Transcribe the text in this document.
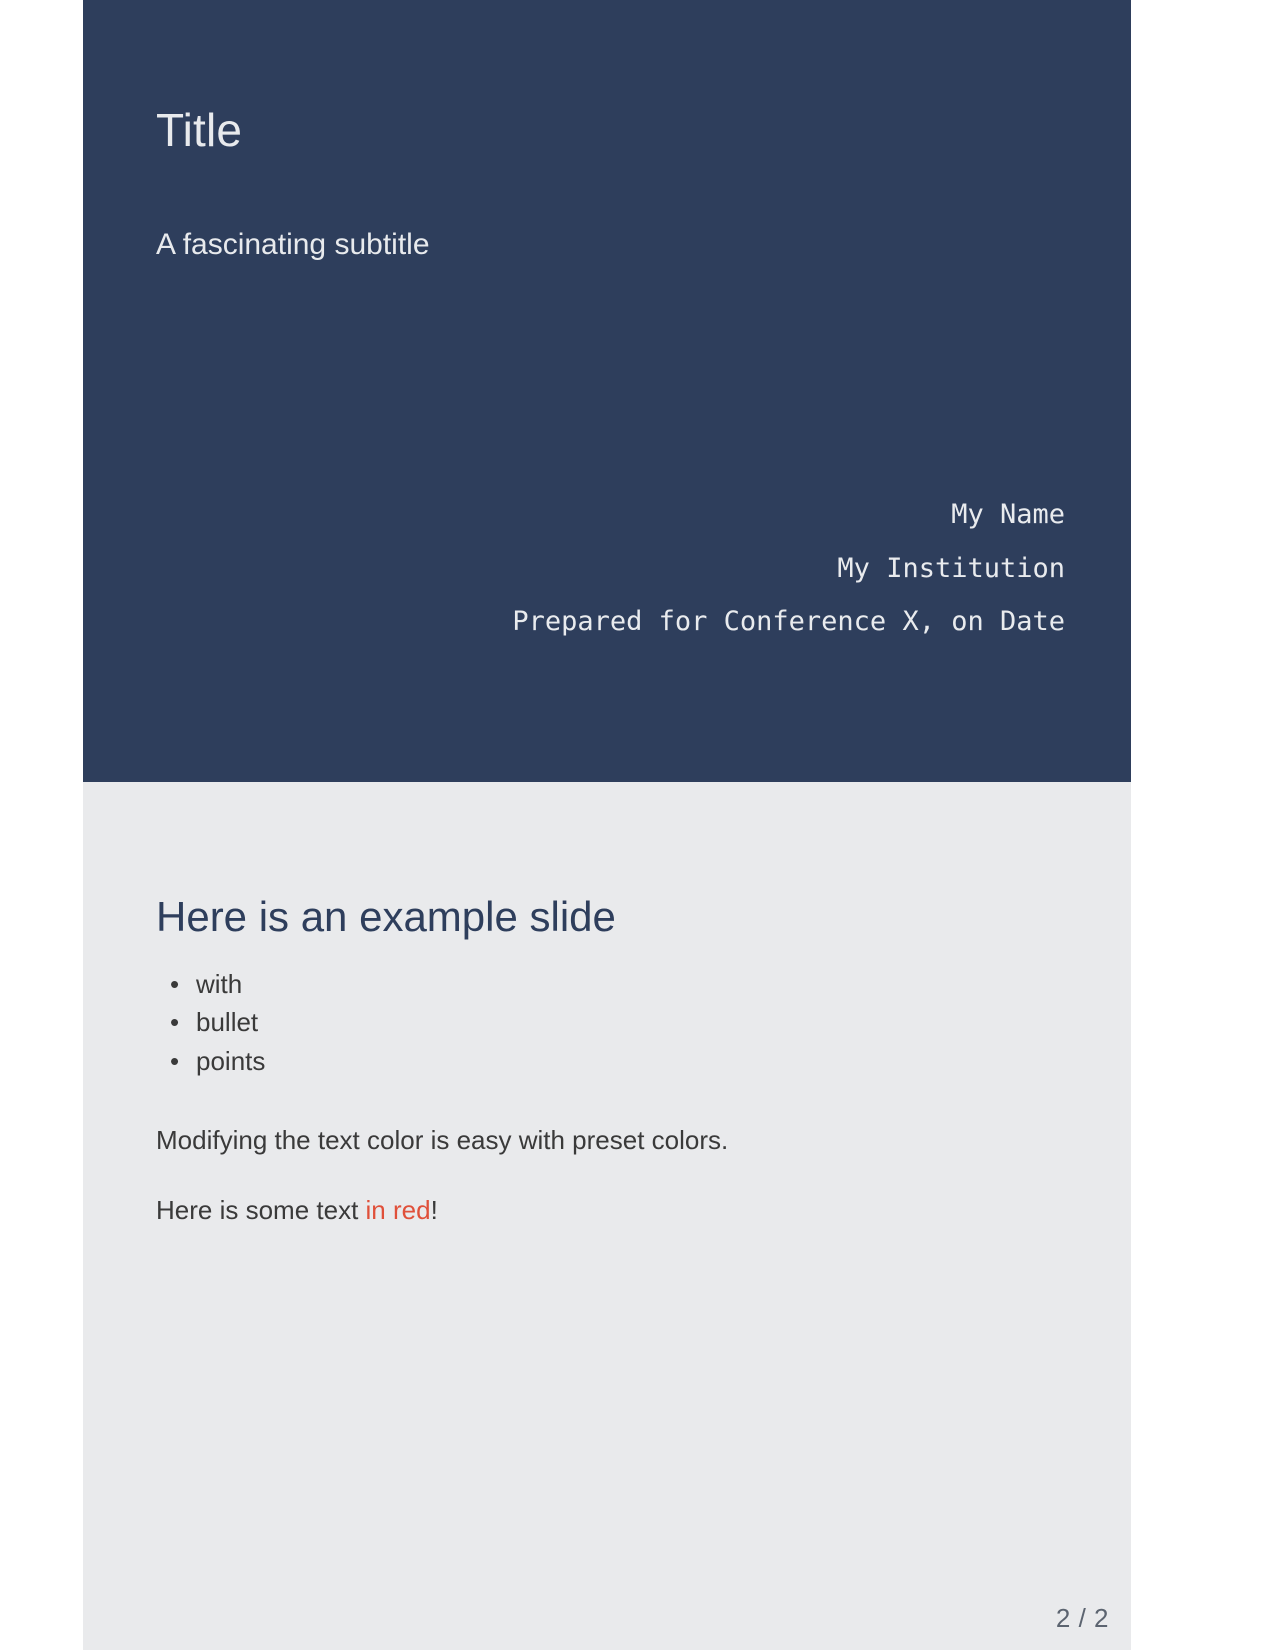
Title
A fascinating subtitle
My Name
My Institution
Prepared for Conference X, on Date
Here is an example slide
• with
• bullet
• points

Modifying the text color is easy with preset colors.

Here is some text in red!

2 / 2
